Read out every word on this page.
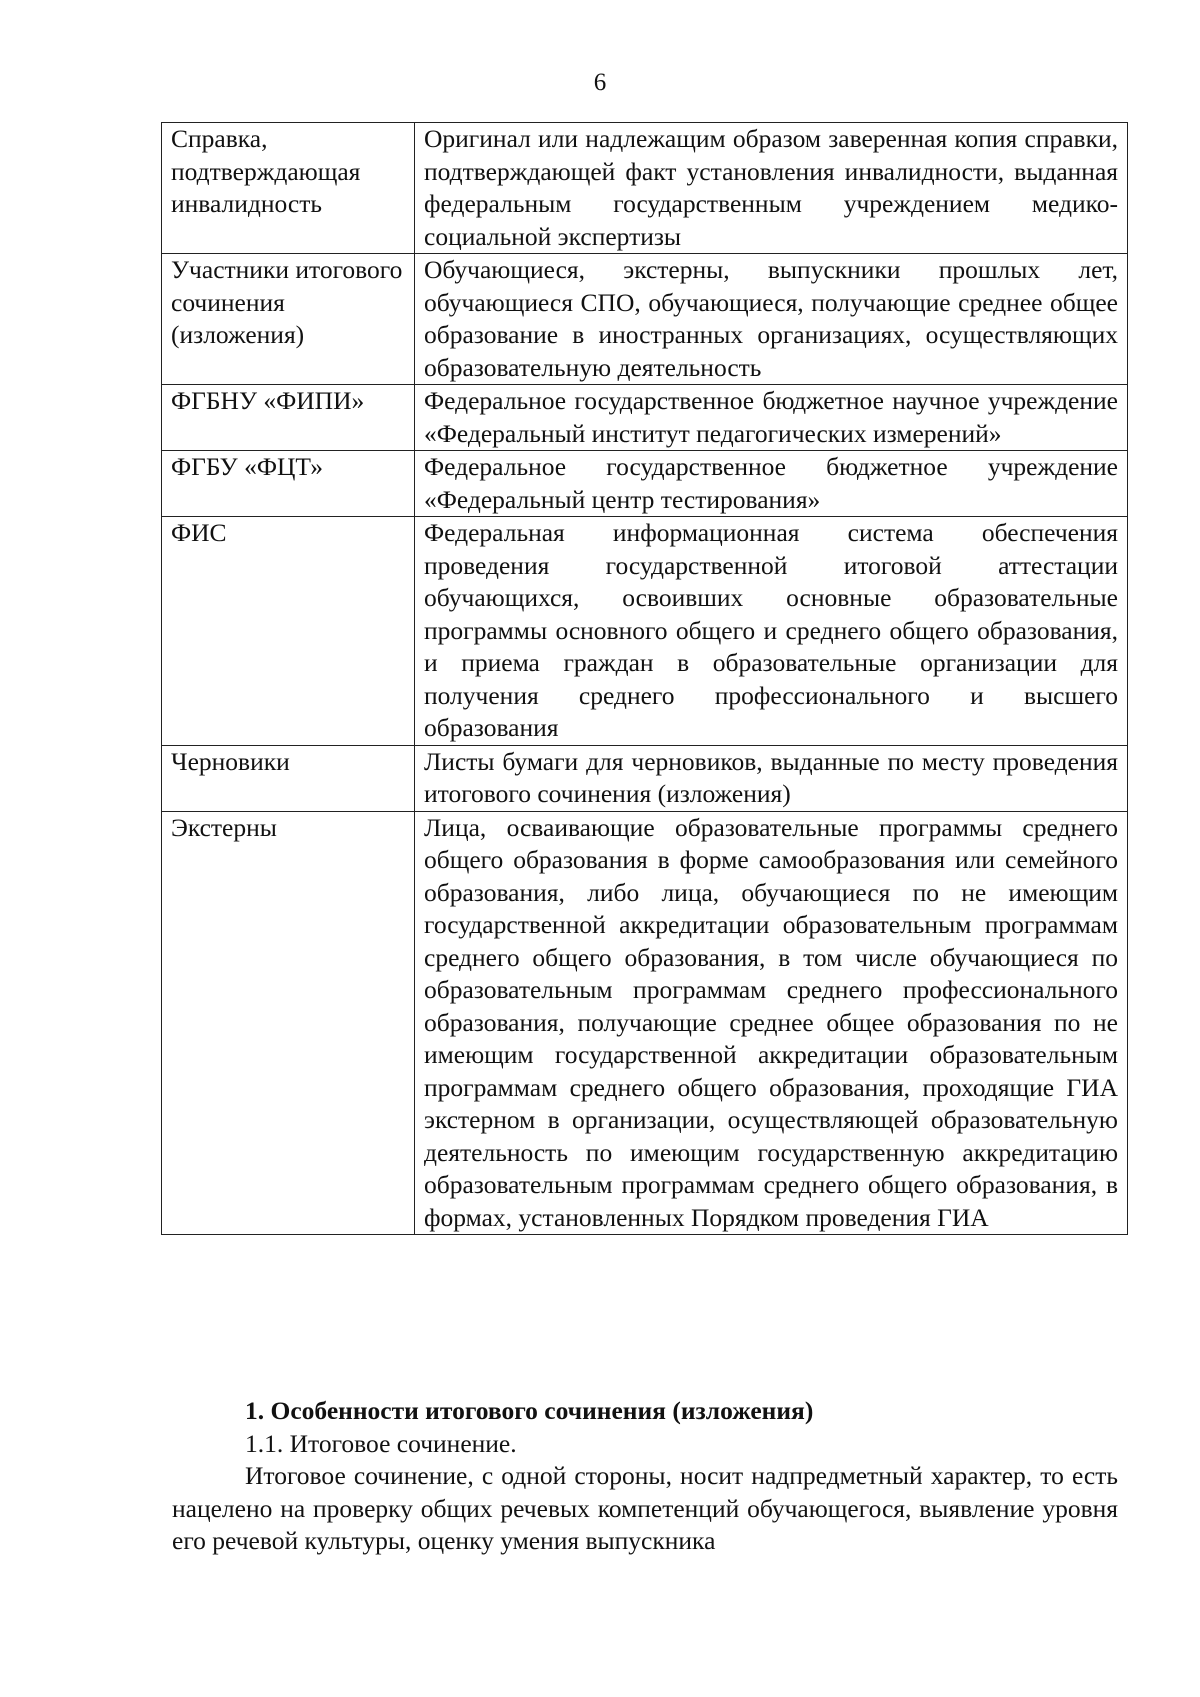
6
Справка, подтверждающая инвалидность	Оригинал или надлежащим образом заверенная копия справки, подтверждающей факт установления инвалидности, выданная федеральным государственным учреждением медико-социальной экспертизы
Участники итогового сочинения (изложения)	Обучающиеся, экстерны, выпускники прошлых лет, обучающиеся СПО, обучающиеся, получающие среднее общее образование в иностранных организациях, осуществляющих образовательную деятельность
ФГБНУ «ФИПИ»	Федеральное государственное бюджетное научное учреждение «Федеральный институт педагогических измерений»
ФГБУ «ФЦТ»	Федеральное государственное бюджетное учреждение «Федеральный центр тестирования»
ФИС	Федеральная информационная система обеспечения проведения государственной итоговой аттестации обучающихся, освоивших основные образовательные программы основного общего и среднего общего образования, и приема граждан в образовательные организации для получения среднего профессионального и высшего образования
Черновики	Листы бумаги для черновиков, выданные по месту проведения итогового сочинения (изложения)
Экстерны	Лица, осваивающие образовательные программы среднего общего образования в форме самообразования или семейного образования, либо лица, обучающиеся по не имеющим государственной аккредитации образовательным программам среднего общего образования, в том числе обучающиеся по образовательным программам среднего профессионального образования, получающие среднее общее образования по не имеющим государственной аккредитации образовательным программам среднего общего образования, проходящие ГИА экстерном в организации, осуществляющей образовательную деятельность по имеющим государственную аккредитацию образовательным программам среднего общего образования, в формах, установленных Порядком проведения ГИА

1. Особенности итогового сочинения (изложения)

1.1. Итоговое сочинение.

Итоговое сочинение, с одной стороны, носит надпредметный характер, то есть нацелено на проверку общих речевых компетенций обучающегося, выявление уровня его речевой культуры, оценку умения выпускника
